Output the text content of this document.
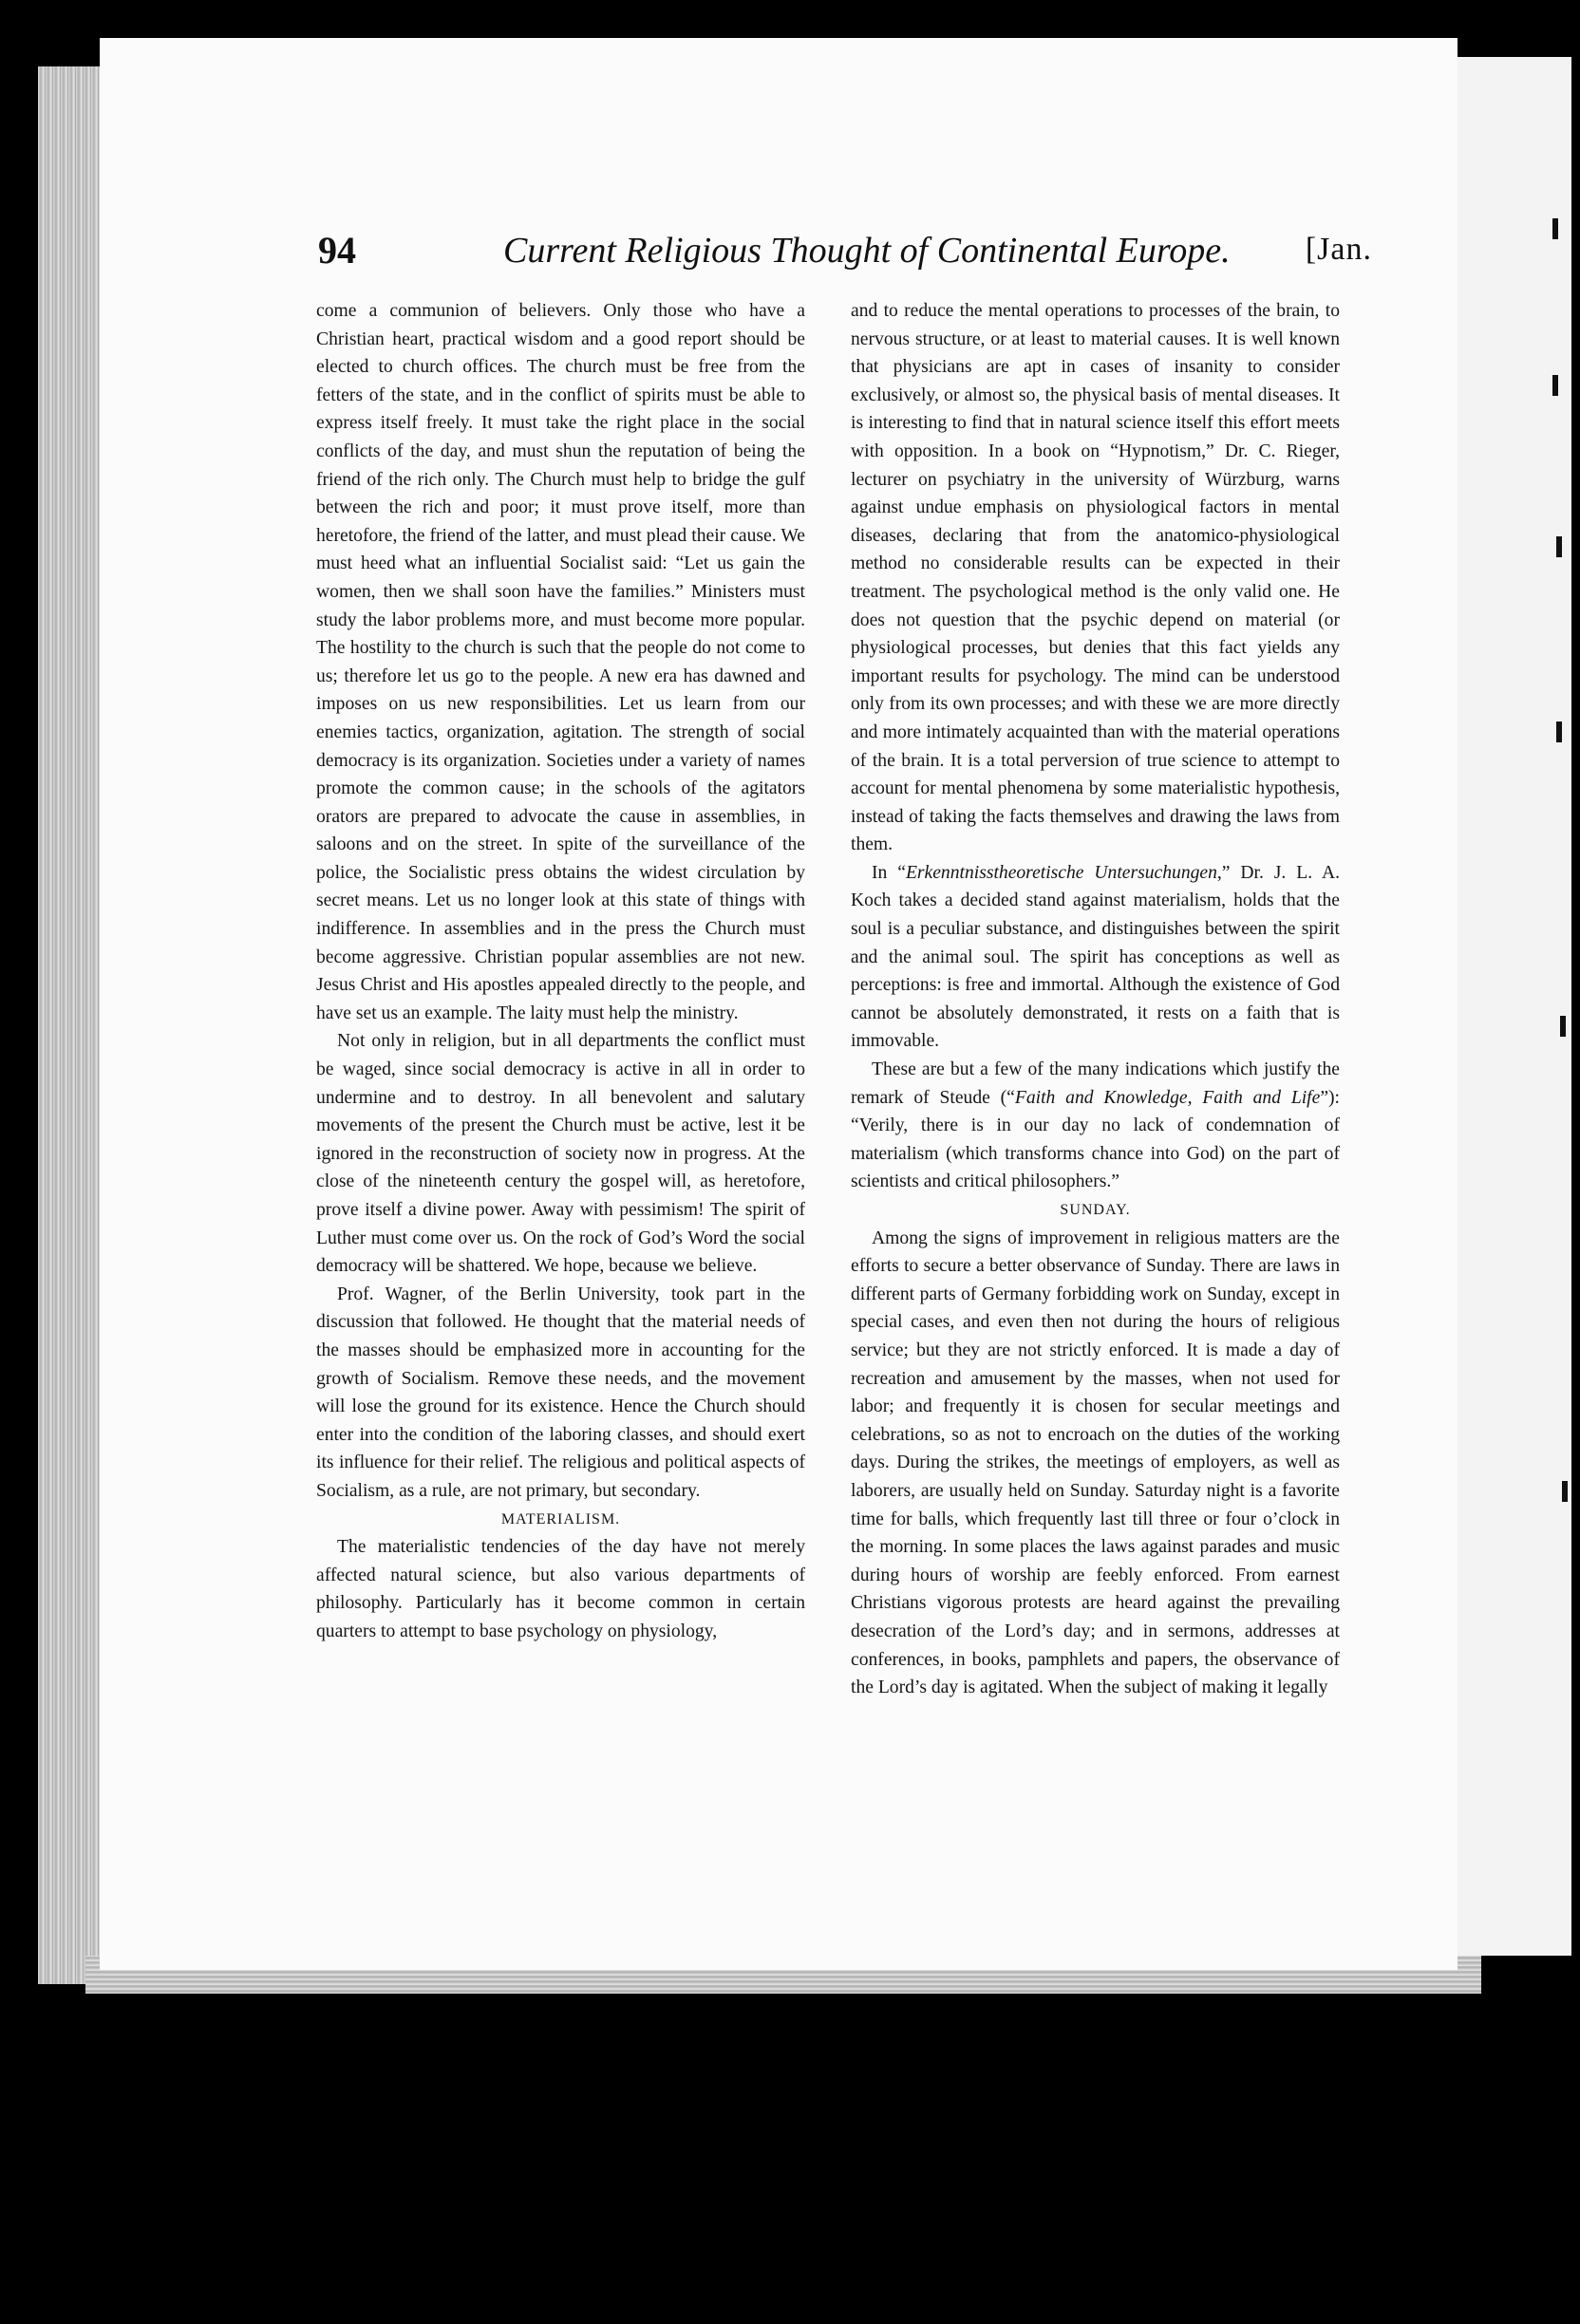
94	Current Religious Thought of Continental Europe. [Jan.

come a communion of believers. Only those who have a Christian heart, practical wisdom and a good report should be elected to church offices. The church must be free from the fetters of the state, and in the conflict of spirits must be able to express itself freely. It must take the right place in the social conflicts of the day, and must shun the reputation of being the friend of the rich only. The Church must help to bridge the gulf between the rich and poor; it must prove itself, more than heretofore, the friend of the latter, and must plead their cause. We must heed what an influential Socialist said: “Let us gain the women, then we shall soon have the families.” Ministers must study the labor problems more, and must become more popular. The hostility to the church is such that the people do not come to us; therefore let us go to the people. A new era has dawned and imposes on us new responsibilities. Let us learn from our enemies tactics, organization, agitation. The strength of social democracy is its organization. Societies under a variety of names promote the common cause; in the schools of the agitators orators are prepared to advocate the cause in assemblies, in saloons and on the street. In spite of the surveillance of the police, the Socialistic press obtains the widest circulation by secret means. Let us no longer look at this state of things with indifference. In assemblies and in the press the Church must become aggressive. Christian popular assemblies are not new. Jesus Christ and His apostles appealed directly to the people, and have set us an example. The laity must help the ministry.

Not only in religion, but in all departments the conflict must be waged, since social democracy is active in all in order to undermine and to destroy. In all benevolent and salutary movements of the present the Church must be active, lest it be ignored in the reconstruction of society now in progress. At the close of the nineteenth century the gospel will, as heretofore, prove itself a divine power. Away with pessimism! The spirit of Luther must come over us. On the rock of God’s Word the social democracy will be shattered. We hope, because we believe.

Prof. Wagner, of the Berlin University, took part in the discussion that followed. He thought that the material needs of the masses should be emphasized more in accounting for the growth of Socialism. Remove these needs, and the movement will lose the ground for its existence. Hence the Church should enter into the condition of the laboring classes, and should exert its influence for their relief. The religious and political aspects of Socialism, as a rule, are not primary, but secondary.

MATERIALISM.

The materialistic tendencies of the day have not merely affected natural science, but also various departments of philosophy. Particularly has it become common in certain quarters to attempt to base psychology on physiology,

and to reduce the mental operations to processes of the brain, to nervous structure, or at least to material causes. It is well known that physicians are apt in cases of insanity to consider exclusively, or almost so, the physical basis of mental diseases. It is interesting to find that in natural science itself this effort meets with opposition. In a book on “Hypnotism,” Dr. C. Rieger, lecturer on psychiatry in the university of Würzburg, warns against undue emphasis on physiological factors in mental diseases, declaring that from the anatomico-physiological method no considerable results can be expected in their treatment. The psychological method is the only valid one. He does not question that the psychic depend on material (or physiological processes, but denies that this fact yields any important results for psychology. The mind can be understood only from its own processes; and with these we are more directly and more intimately acquainted than with the material operations of the brain. It is a total perversion of true science to attempt to account for mental phenomena by some materialistic hypothesis, instead of taking the facts themselves and drawing the laws from them.

In “Erkenntnisstheoretische Untersuchungen,” Dr. J. L. A. Koch takes a decided stand against materialism, holds that the soul is a peculiar substance, and distinguishes between the spirit and the animal soul. The spirit has conceptions as well as perceptions: is free and immortal. Although the existence of God cannot be absolutely demonstrated, it rests on a faith that is immovable.

These are but a few of the many indications which justify the remark of Steude (“Faith and Knowledge, Faith and Life”): “Verily, there is in our day no lack of condemnation of materialism (which transforms chance into God) on the part of scientists and critical philosophers.”

SUNDAY.

Among the signs of improvement in religious matters are the efforts to secure a better observance of Sunday. There are laws in different parts of Germany forbidding work on Sunday, except in special cases, and even then not during the hours of religious service; but they are not strictly enforced. It is made a day of recreation and amusement by the masses, when not used for labor; and frequently it is chosen for secular meetings and celebrations, so as not to encroach on the duties of the working days. During the strikes, the meetings of employers, as well as laborers, are usually held on Sunday. Saturday night is a favorite time for balls, which frequently last till three or four o’clock in the morning. In some places the laws against parades and music during hours of worship are feebly enforced. From earnest Christians vigorous protests are heard against the prevailing desecration of the Lord’s day; and in sermons, addresses at conferences, in books, pamphlets and papers, the observance of the Lord’s day is agitated. When the subject of making it legally
